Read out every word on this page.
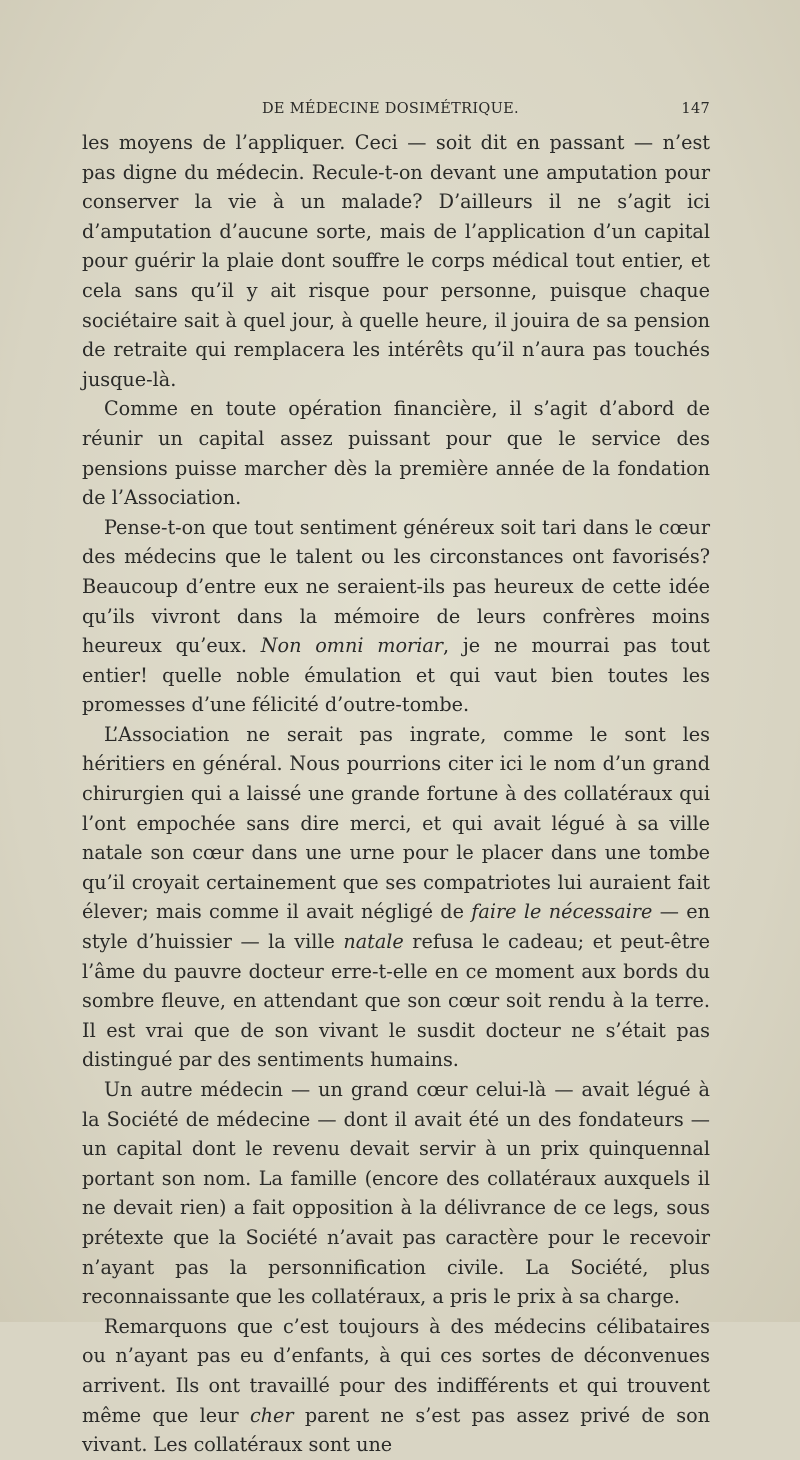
DE MÉDECINE DOSIMÉTRIQUE.	147

les moyens de l’appliquer. Ceci — soit dit en passant — n’est pas digne du médecin. Recule-t-on devant une amputation pour conserver la vie à un malade? D’ailleurs il ne s’agit ici d’amputation d’aucune sorte, mais de l’application d’un capital pour guérir la plaie dont souffre le corps médical tout entier, et cela sans qu’il y ait risque pour personne, puisque chaque sociétaire sait à quel jour, à quelle heure, il jouira de sa pension de retraite qui remplacera les intérêts qu’il n’aura pas touchés jusque-là.

Comme en toute opération financière, il s’agit d’abord de réunir un capital assez puissant pour que le service des pensions puisse marcher dès la première année de la fondation de l’Association.

Pense-t-on que tout sentiment généreux soit tari dans le cœur des médecins que le talent ou les circonstances ont favorisés? Beaucoup d’entre eux ne seraient-ils pas heureux de cette idée qu’ils vivront dans la mémoire de leurs confrères moins heureux qu’eux. Non omni moriar, je ne mourrai pas tout entier! quelle noble émulation et qui vaut bien toutes les promesses d’une félicité d’outre-tombe.

L’Association ne serait pas ingrate, comme le sont les héritiers en général. Nous pourrions citer ici le nom d’un grand chirurgien qui a laissé une grande fortune à des collatéraux qui l’ont empochée sans dire merci, et qui avait légué à sa ville natale son cœur dans une urne pour le placer dans une tombe qu’il croyait certainement que ses compatriotes lui auraient fait élever; mais comme il avait négligé de faire le nécessaire — en style d’huissier — la ville natale refusa le cadeau; et peut-être l’âme du pauvre docteur erre-t-elle en ce moment aux bords du sombre fleuve, en attendant que son cœur soit rendu à la terre. Il est vrai que de son vivant le susdit docteur ne s’était pas distingué par des sentiments humains.

Un autre médecin — un grand cœur celui-là — avait légué à la Société de médecine — dont il avait été un des fondateurs — un capital dont le revenu devait servir à un prix quinquennal portant son nom. La famille (encore des collatéraux auxquels il ne devait rien) a fait opposition à la délivrance de ce legs, sous prétexte que la Société n’avait pas caractère pour le recevoir n’ayant pas la personnification civile. La Société, plus reconnaissante que les collatéraux, a pris le prix à sa charge.

Remarquons que c’est toujours à des médecins célibataires ou n’ayant pas eu d’enfants, à qui ces sortes de déconvenues arrivent. Ils ont travaillé pour des indifférents et qui trouvent même que leur cher parent ne s’est pas assez privé de son vivant. Les collatéraux sont une
